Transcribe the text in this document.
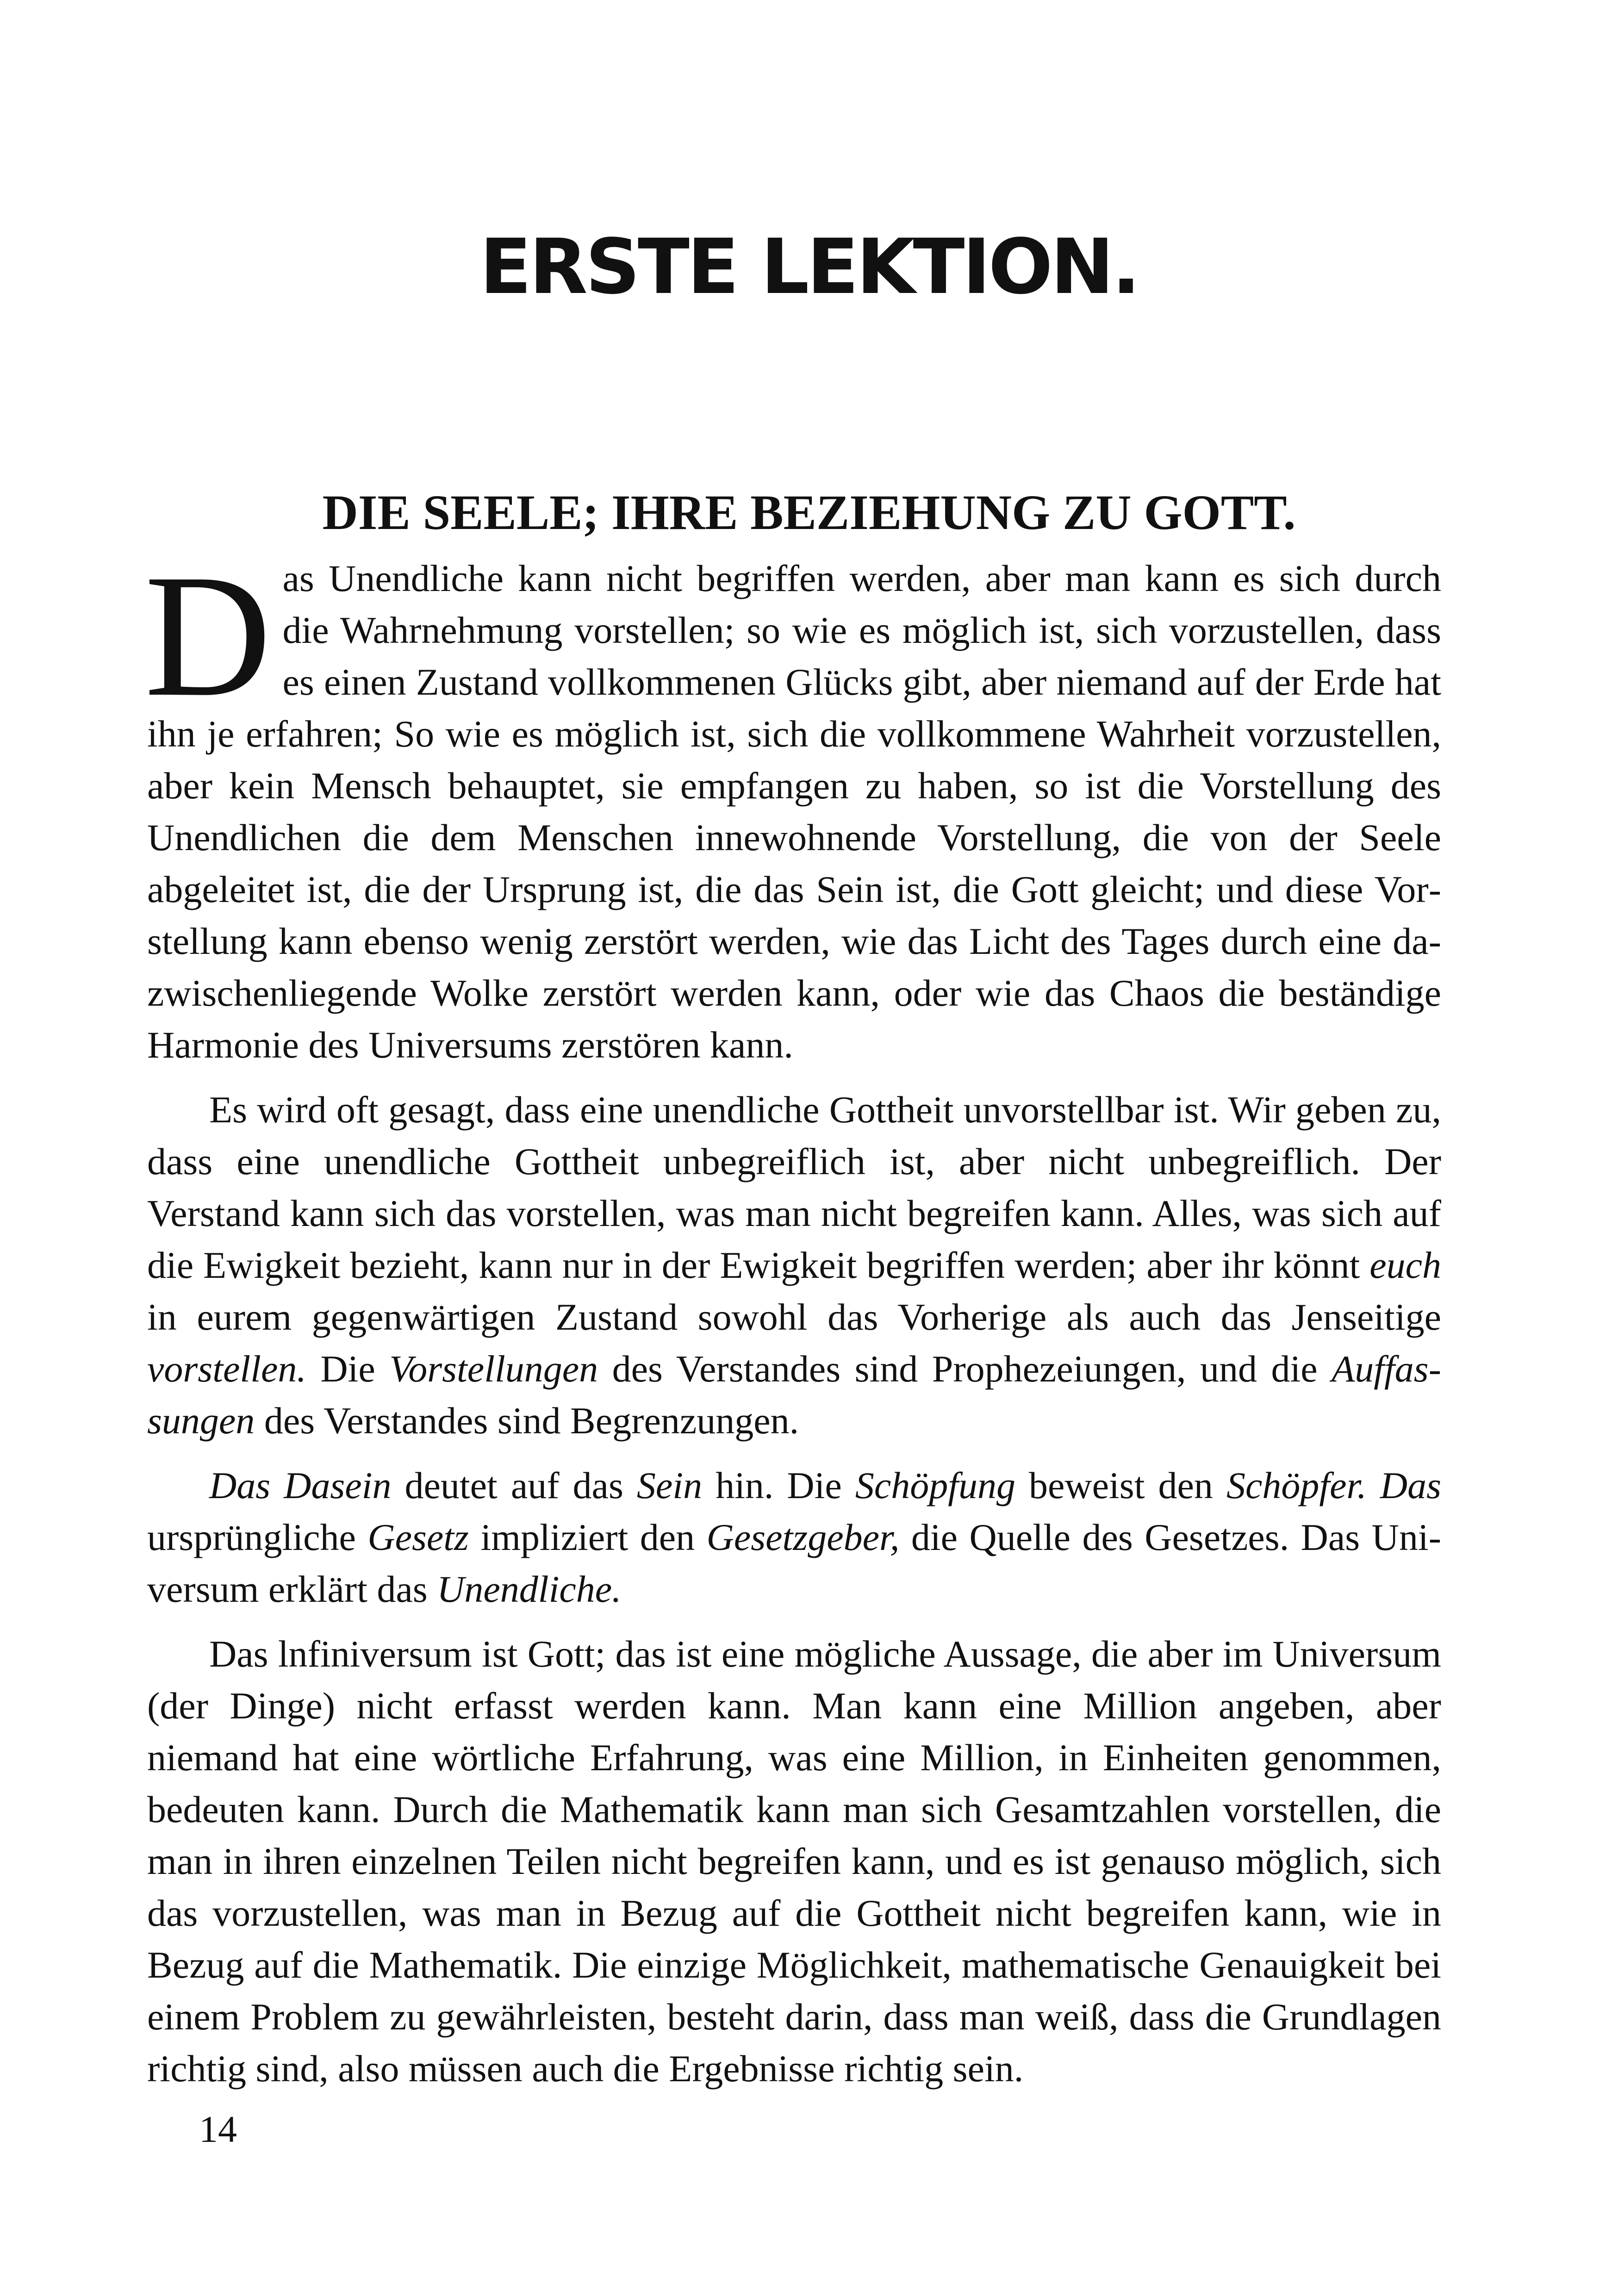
ERSTE LEKTION.
DIE SEELE; IHRE BEZIEHUNG ZU GOTT.

Das Unendliche kann nicht begriffen werden, aber man kann es sich durch die Wahrnehmung vorstellen; so wie es möglich ist, sich vorzustellen, dass es einen Zustand vollkommenen Glücks gibt, aber niemand auf der Erde hat ihn je erfahren; So wie es möglich ist, sich die vollkommene Wahrheit vorzustellen, aber kein Mensch behauptet, sie empfangen zu haben, so ist die Vorstellung des Unendlichen die dem Menschen innewohnende Vorstellung, die von der Seele abgeleitet ist, die der Ursprung ist, die das Sein ist, die Gott gleicht; und diese Vorstellung kann ebenso wenig zerstört werden, wie das Licht des Tages durch eine dazwischenliegende Wolke zerstört werden kann, oder wie das Chaos die beständige Harmonie des Universums zerstören kann.

Es wird oft gesagt, dass eine unendliche Gottheit unvorstellbar ist. Wir geben zu, dass eine unendliche Gottheit unbegreiflich ist, aber nicht unbegreiflich. Der Verstand kann sich das vorstellen, was man nicht begreifen kann. Alles, was sich auf die Ewigkeit bezieht, kann nur in der Ewigkeit begriffen werden; aber ihr könnt euch in eurem gegenwärtigen Zustand sowohl das Vorherige als auch das Jenseitige vorstellen. Die Vorstellungen des Verstandes sind Prophezeiungen, und die Auffassungen des Verstandes sind Begrenzungen.

Das Dasein deutet auf das Sein hin. Die Schöpfung beweist den Schöpfer. Das ursprüngliche Gesetz impliziert den Gesetzgeber, die Quelle des Gesetzes. Das Universum erklärt das Unendliche.

Das lnfiniversum ist Gott; das ist eine mögliche Aussage, die aber im Universum (der Dinge) nicht erfasst werden kann. Man kann eine Million angeben, aber niemand hat eine wörtliche Erfahrung, was eine Million, in Einheiten genommen, bedeuten kann. Durch die Mathematik kann man sich Gesamtzahlen vorstellen, die man in ihren einzelnen Teilen nicht begreifen kann, und es ist genauso möglich, sich das vorzustellen, was man in Bezug auf die Gottheit nicht begreifen kann, wie in Bezug auf die Mathematik. Die einzige Möglichkeit, mathematische Genauigkeit bei einem Problem zu gewährleisten, besteht darin, dass man weiß, dass die Grundlagen richtig sind, also müssen auch die Ergebnisse richtig sein.

14
